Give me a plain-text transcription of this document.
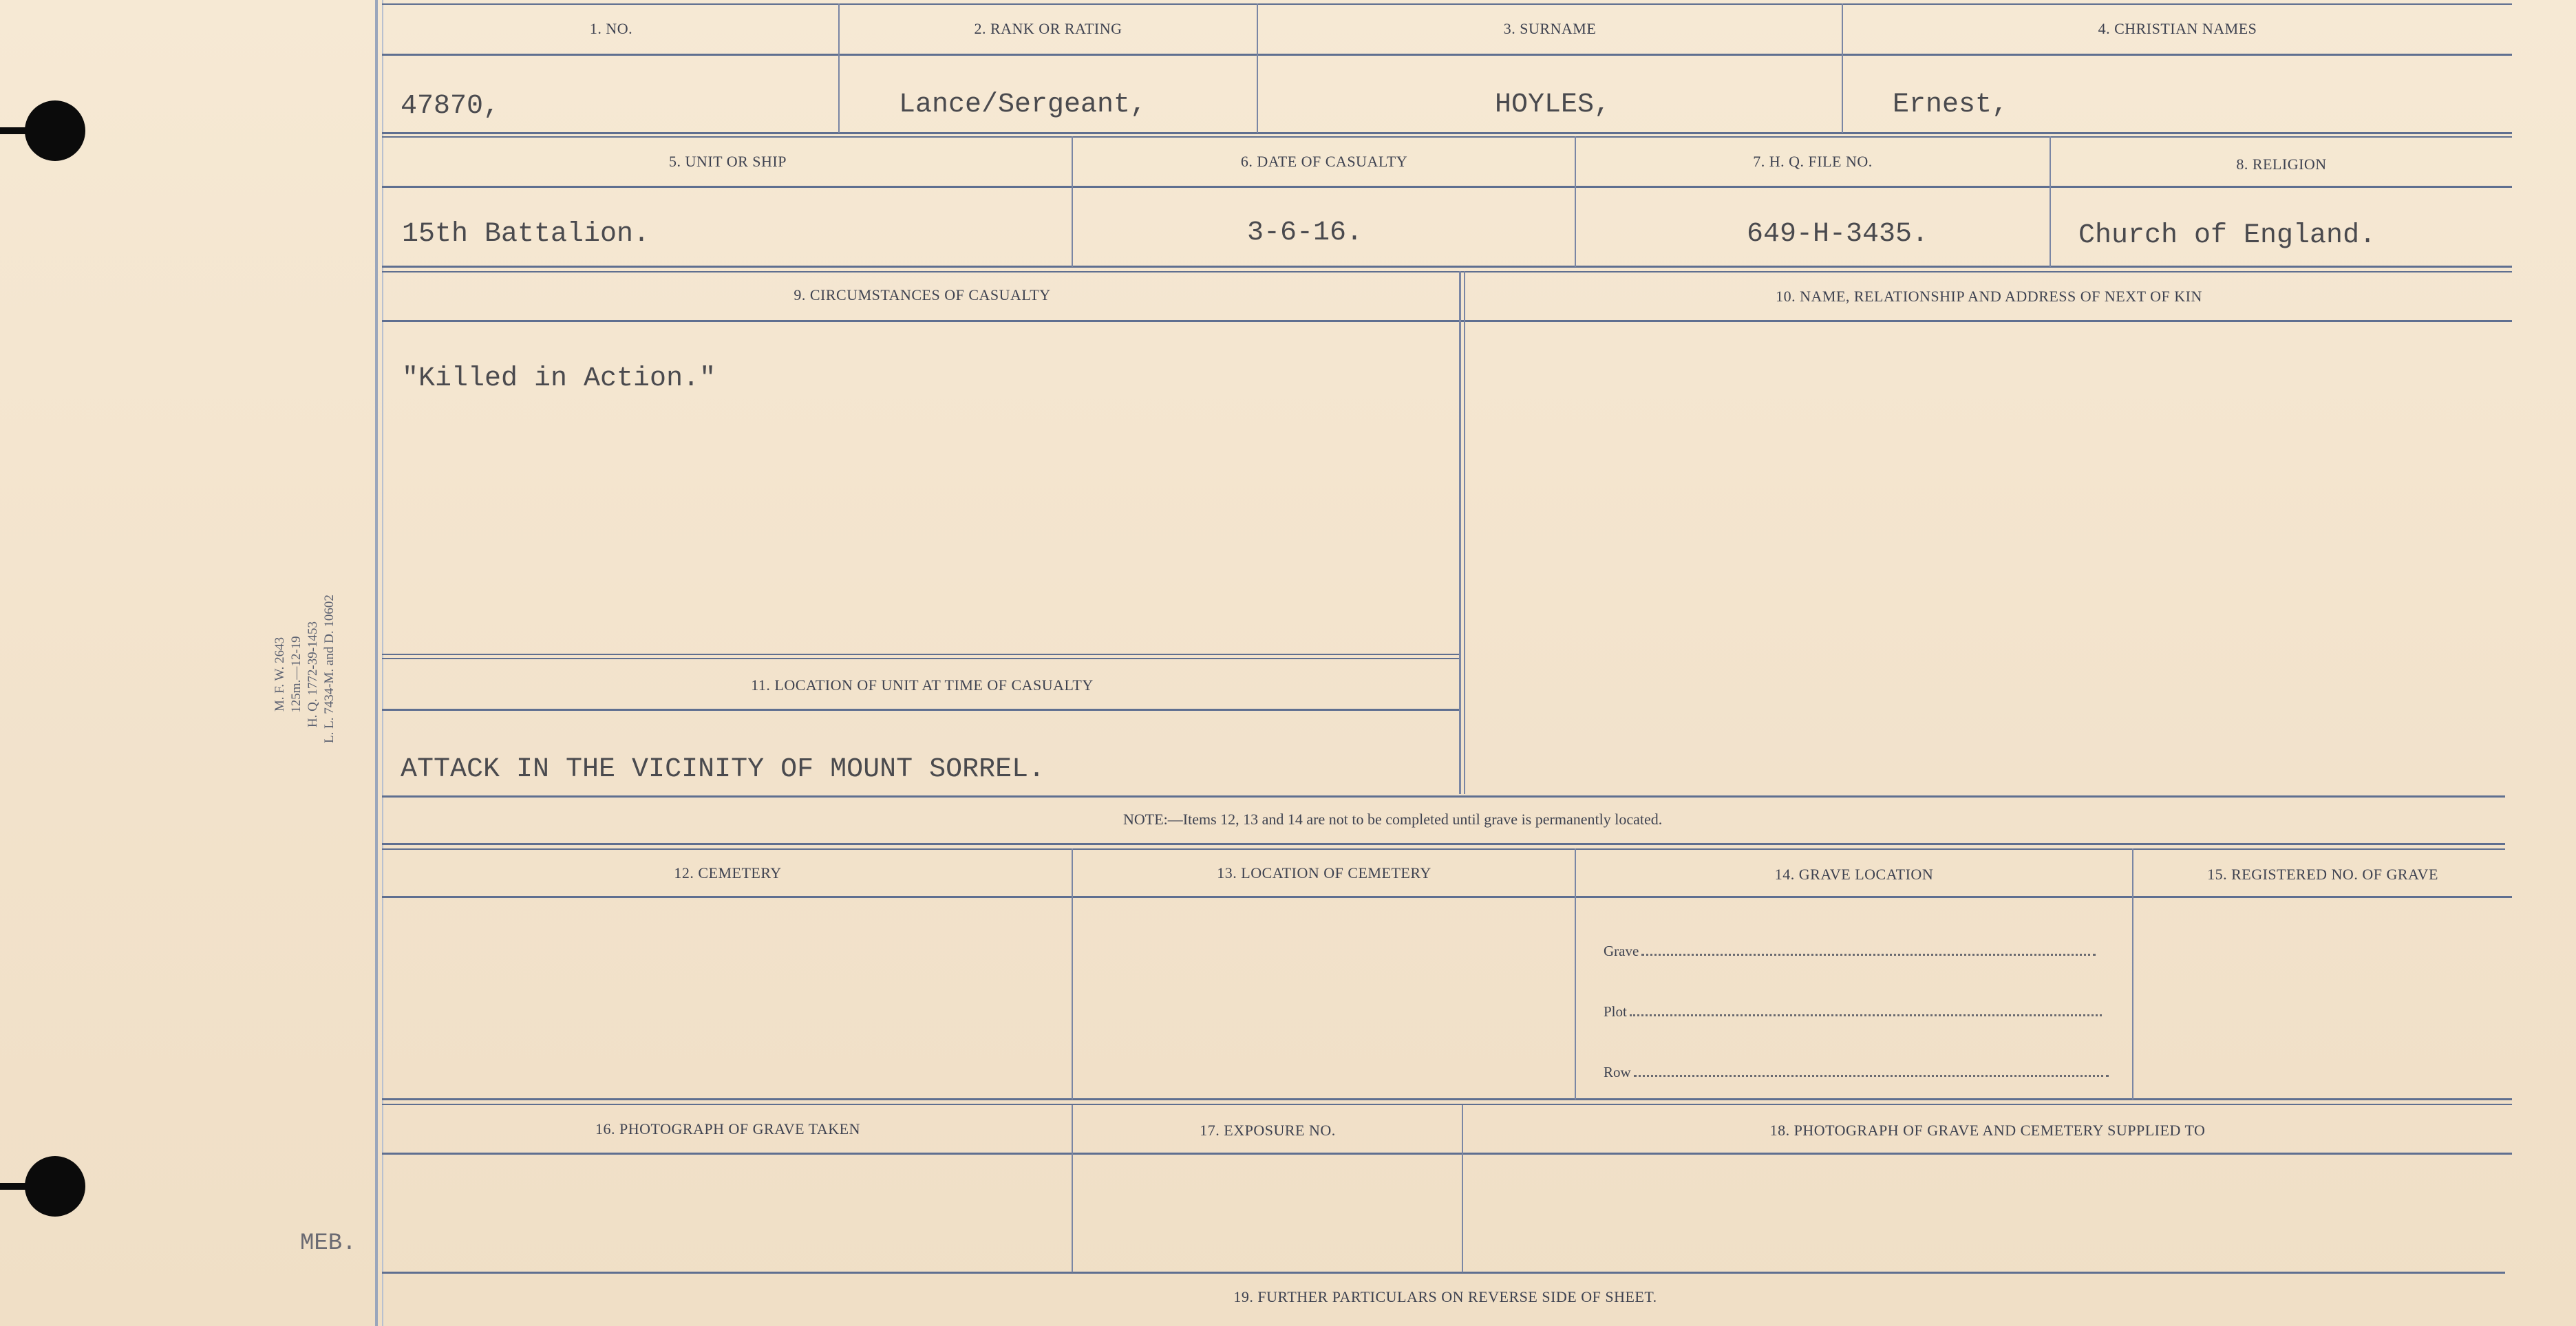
M. F. W. 2643 125m.—12-19 H. Q. 1772-39-1453 L. L. 7434-M. and D. 10602
MEB.
1. NO.	2. RANK OR RATING	3. SURNAME	4. CHRISTIAN NAMES
47870,	Lance/Sergeant,	HOYLES,	Ernest,
5. UNIT OR SHIP	6. DATE OF CASUALTY	7. H. Q. FILE NO.	8. RELIGION
15th Battalion.	3-6-16.	649-H-3435.	Church of England.
9. CIRCUMSTANCES OF CASUALTY	10. NAME, RELATIONSHIP AND ADDRESS OF NEXT OF KIN
"Killed in Action."
11. LOCATION OF UNIT AT TIME OF CASUALTY
ATTACK IN THE VICINITY OF MOUNT SORREL.
NOTE:—Items 12, 13 and 14 are not to be completed until grave is permanently located.
12. CEMETERY	13. LOCATION OF CEMETERY	14. GRAVE LOCATION	15. REGISTERED NO. OF GRAVE
Grave
Plot
Row
16. PHOTOGRAPH OF GRAVE TAKEN	17. EXPOSURE NO.	18. PHOTOGRAPH OF GRAVE AND CEMETERY SUPPLIED TO
19. FURTHER PARTICULARS ON REVERSE SIDE OF SHEET.
